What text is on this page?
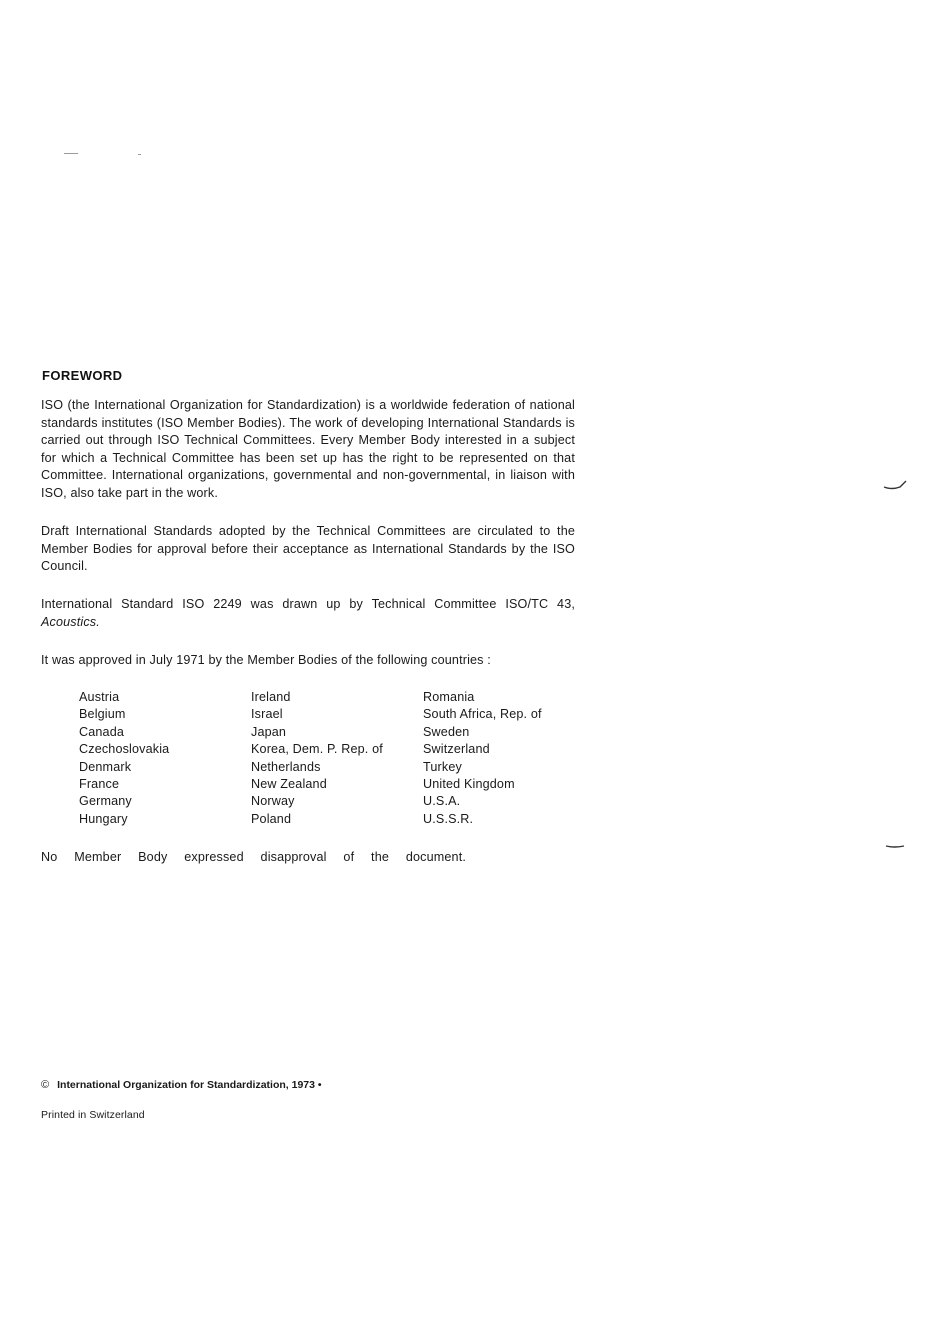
FOREWORD
ISO (the International Organization for Standardization) is a worldwide federation of national standards institutes (ISO Member Bodies). The work of developing International Standards is carried out through ISO Technical Committees. Every Member Body interested in a subject for which a Technical Committee has been set up has the right to be represented on that Committee. International organizations, governmental and non-governmental, in liaison with ISO, also take part in the work.
Draft International Standards adopted by the Technical Committees are circulated to the Member Bodies for approval before their acceptance as International Standards by the ISO Council.
International Standard ISO 2249 was drawn up by Technical Committee ISO/TC 43, Acoustics.
It was approved in July 1971 by the Member Bodies of the following countries :
Austria
Belgium
Canada
Czechoslovakia
Denmark
France
Germany
Hungary
Ireland
Israel
Japan
Korea, Dem. P. Rep. of
Netherlands
New Zealand
Norway
Poland
Romania
South Africa, Rep. of
Sweden
Switzerland
Turkey
United Kingdom
U.S.A.
U.S.S.R.
No Member Body expressed disapproval of the document.
© International Organization for Standardization, 1973 •
Printed in Switzerland
